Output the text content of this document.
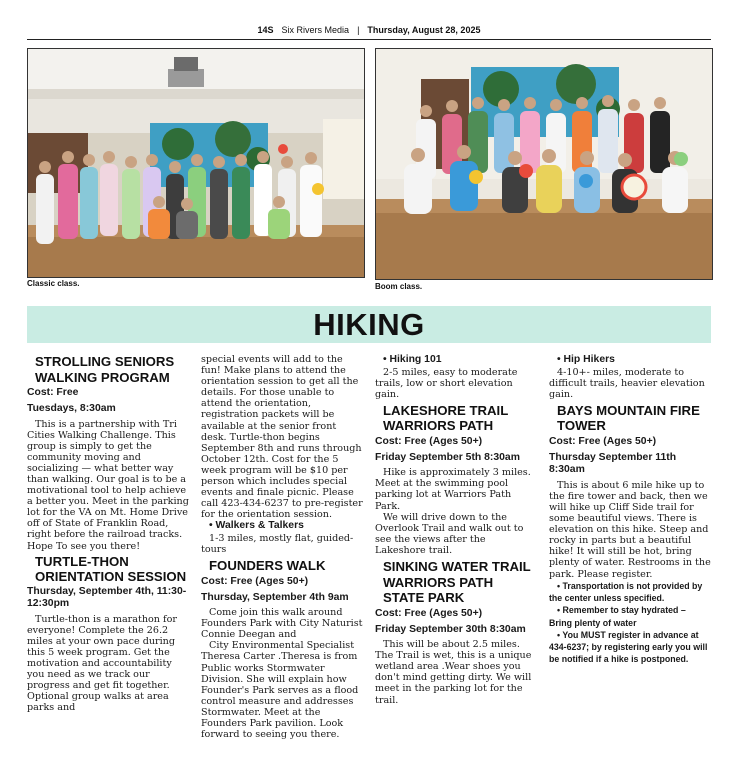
14S Six Rivers Media | Thursday, August 28, 2025
Classic class.	Boom class.
HIKING
STROLLING SENIORS WALKING PROGRAM
Cost: Free
Tuesdays, 8:30am

This is a partnership with Tri Cities Walking Challenge. This group is simply to get the community moving and socializing — what better way than walking. Our goal is to be a motivational tool to help achieve a better you. Meet in the parking lot for the VA on Mt. Home Drive off of State of Franklin Road, right before the railroad tracks. Hope To see you there!

TURTLE-THON ORIENTATION SESSION
Thursday, September 4th, 11:30-12:30pm

Turtle-thon is a marathon for everyone! Complete the 26.2 miles at your own pace during this 5 week program. Get the motivation and accountability you need as we track our progress and get fit together. Optional group walks at area parks and

special events will add to the fun! Make plans to attend the orientation session to get all the details. For those unable to attend the orientation, registration packets will be available at the senior front desk. Turtle-thon begins September 8th and runs through October 12th. Cost for the 5 week program will be $10 per person which includes special events and finale picnic. Please call 423-434-6237 to pre-register for the orientation session.

• Walkers & Talkers

1-3 miles, mostly flat, guided-tours

FOUNDERS WALK
Cost: Free (Ages 50+)
Thursday, September 4th 9am

Come join this walk around Founders Park with City Naturist Connie Deegan and

City Environmental Specialist Theresa Carter .Theresa is from Public works Stormwater Division. She will explain how Founder's Park serves as a flood control measure and addresses Stormwater. Meet at the Founders Park pavilion. Look forward to seeing you there.

• Hiking 101

2-5 miles, easy to moderate trails, low or short elevation gain.

LAKESHORE TRAIL WARRIORS PATH
Cost: Free (Ages 50+)
Friday September 5th 8:30am

Hike is approximately 3 miles. Meet at the swimming pool parking lot at Warriors Path Park.

We will drive down to the Overlook Trail and walk out to see the views after the Lakeshore trail.

SINKING WATER TRAIL WARRIORS PATH STATE PARK
Cost: Free (Ages 50+)
Friday September 30th 8:30am

This will be about 2.5 miles. The Trail is wet, this is a unique wetland area .Wear shoes you don't mind getting dirty. We will meet in the parking lot for the trail.

• Hip Hikers

4-10+- miles, moderate to difficult trails, heavier elevation gain.

BAYS MOUNTAIN FIRE TOWER
Cost: Free (Ages 50+)
Thursday September 11th 8:30am

This is about 6 mile hike up to the fire tower and back, then we will hike up Cliff Side trail for some beautiful views. There is elevation on this hike. Steep and rocky in parts but a beautiful hike! It will still be hot, bring plenty of water. Restrooms in the park. Please register.

• Transportation is not provided by the center unless specified.

• Remember to stay hydrated – Bring plenty of water

• You MUST register in advance at 434-6237; by registering early you will be notified if a hike is postponed.
